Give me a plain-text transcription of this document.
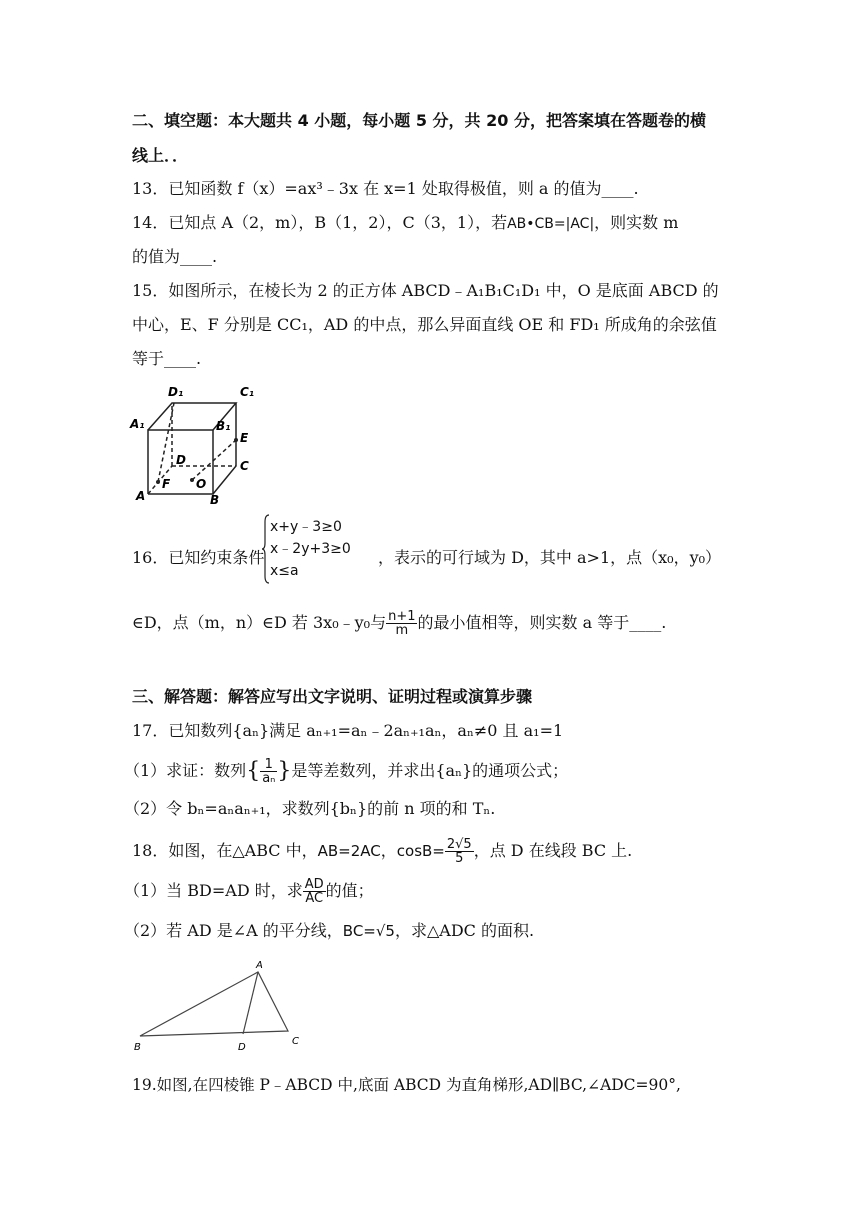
二、填空题：本大题共 4 小题，每小题 5 分，共 20 分，把答案填在答题卷的横
线上．．
13．已知函数 f（x）=ax³﹣3x 在 x=1 处取得极值，则 a 的值为____.
14．已知点 A（2，m），B（1，2），C（3，1），若AB•CB=|AC|，则实数 m
的值为____.
15．如图所示，在棱长为 2 的正方体 ABCD﹣A₁B₁C₁D₁ 中，O 是底面 ABCD 的
中心，E、F 分别是 CC₁，AD 的中点，那么异面直线 OE 和 FD₁ 所成角的余弦值
等于____.
D₁	C₁
A₁	B₁
E
D	C
A
F O
B
16．已知约束条件
x+y﹣3≥0
x﹣2y+3≥0
x≤a
，表示的可行域为 D，其中 a>1，点（x₀，y₀）
∈D，点（m，n）∈D 若 3x₀﹣y₀与 $\frac{n+1}{m}$ 的最小值相等，则实数 a 等于____.
三、解答题：解答应写出文字说明、证明过程或演算步骤
17．已知数列{aₙ}满足 aₙ₊₁=aₙ﹣2aₙ₊₁aₙ，aₙ≠0 且 a₁=1
（1）求证：数列{ $\frac{1}{\text{aₙ}}$ }是等差数列，并求出{aₙ}的通项公式；
（2）令 bₙ=aₙaₙ₊₁，求数列{bₙ}的前 n 项的和 Tₙ.
18．如图，在△ABC 中，AB=2AC，$\cos B= \frac{2√5}{5}$ ，点 D 在线段 BC 上.
（1）当 BD=AD 时，求 $\frac{AD}{AC}$ 的值；
（2）若 AD 是∠A 的平分线，BC=√5，求△ADC 的面积.
A
B	D
C
19.如图,在四棱锥 P﹣ABCD 中,底面 ABCD 为直角梯形,AD∥BC,∠ADC=90°,
